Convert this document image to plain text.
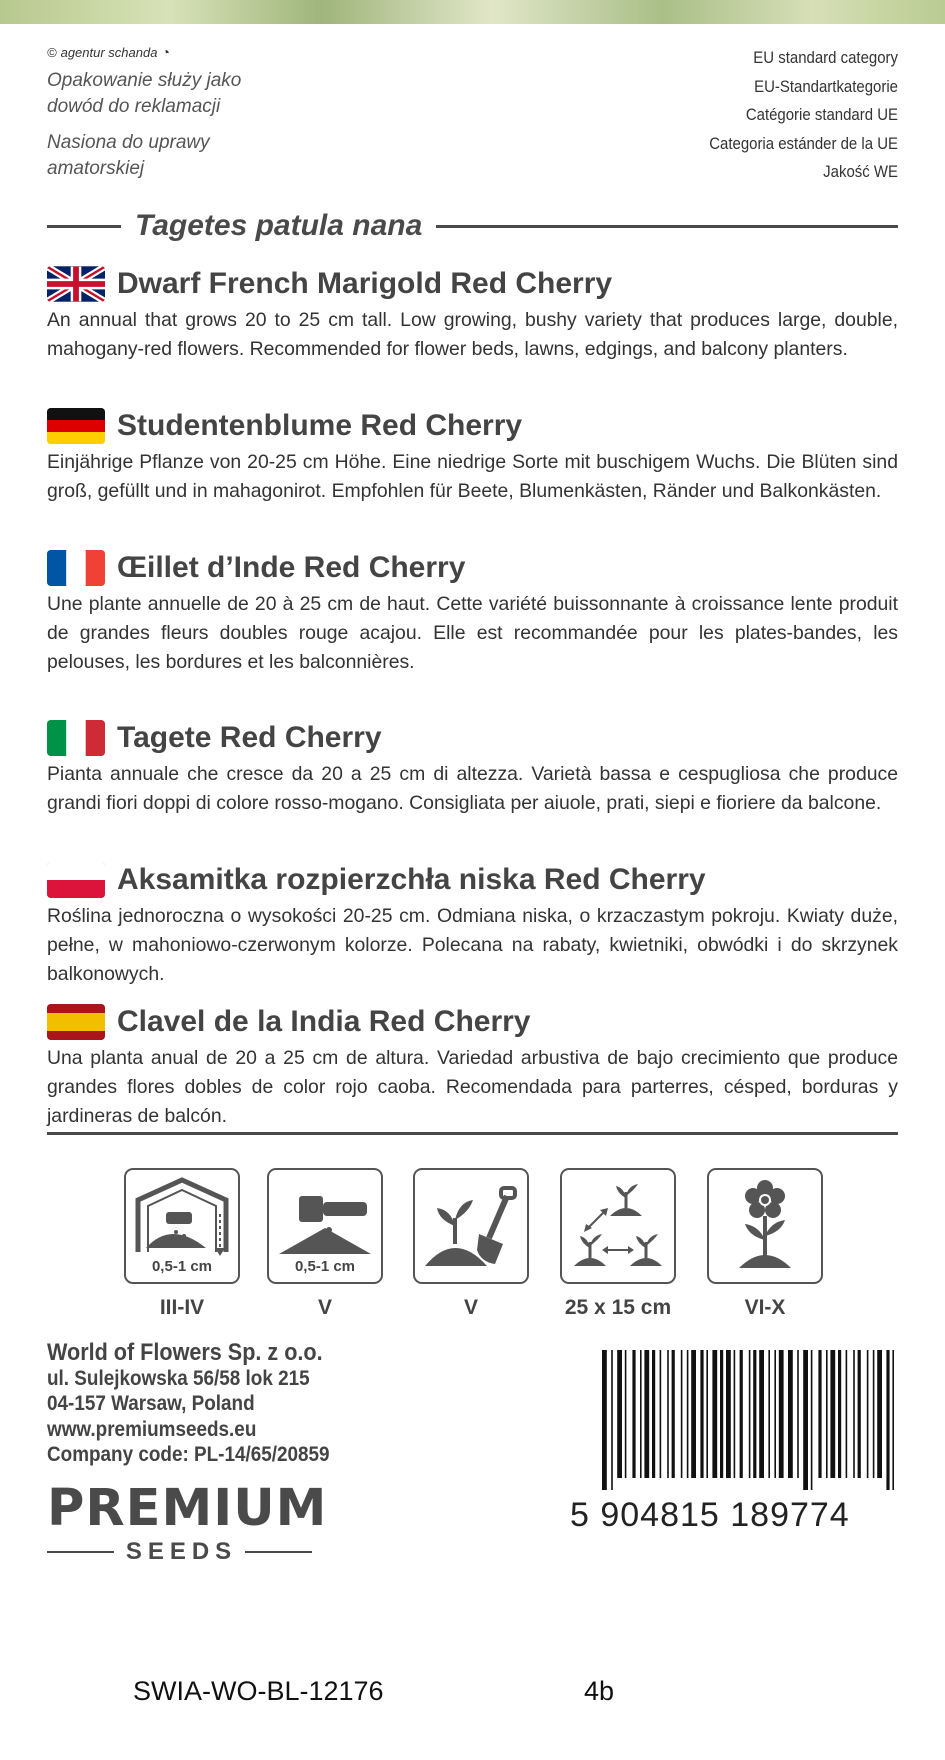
© agentur schanda ◔
Opakowanie służy jako
dowód do reklamacji
Nasiona do uprawy
amatorskiej
EU standard category
EU-Standartkategorie
Catégorie standard UE
Categoria estánder de la UE
Jakość WE
Tagetes patula nana
Dwarf French Marigold Red Cherry
An annual that grows 20 to 25 cm tall. Low growing, bushy variety that produces large, double, mahogany-red flowers. Recommended for flower beds, lawns, edgings, and balcony planters.
Studentenblume Red Cherry
Einjährige Pflanze von 20-25 cm Höhe. Eine niedrige Sorte mit buschigem Wuchs. Die Blüten sind groß, gefüllt und in mahagonirot. Empfohlen für Beete, Blumenkästen, Ränder und Balkonkästen.
Œillet d’Inde Red Cherry
Une plante annuelle de 20 à 25 cm de haut. Cette variété buissonnante à croissance lente produit de grandes fleurs doubles rouge acajou. Elle est recommandée pour les plates-bandes, les pelouses, les bordures et les balconnières.
Tagete Red Cherry
Pianta annuale che cresce da 20 a 25 cm di altezza. Varietà bassa e cespugliosa che produce grandi fiori doppi di colore rosso-mogano. Consigliata per aiuole, prati, siepi e fioriere da balcone.
Aksamitka rozpierzchła niska Red Cherry
Roślina jednoroczna o wysokości 20-25 cm. Odmiana niska, o krzaczastym pokroju. Kwiaty duże, pełne, w mahoniowo-czerwonym kolorze. Polecana na rabaty, kwietniki, obwódki i do skrzynek balkonowych.
Clavel de la India Red Cherry
Una planta anual de 20 a 25 cm de altura. Variedad arbustiva de bajo crecimiento que produce grandes flores dobles de color rojo caoba. Recomendada para parterres, césped, borduras y jardineras de balcón.
0,5-1 cm	0,5-1 cm
III-IV	V	V	25 x 15 cm	VI-X
World of Flowers Sp. z o.o.
ul. Sulejkowska 56/58 lok 215
04-157 Warsaw, Poland
www.premiumseeds.eu
Company code: PL-14/65/20859
PREMIUM
SEEDS
5 904815 189774
SWIA-WO-BL-12176	4b
